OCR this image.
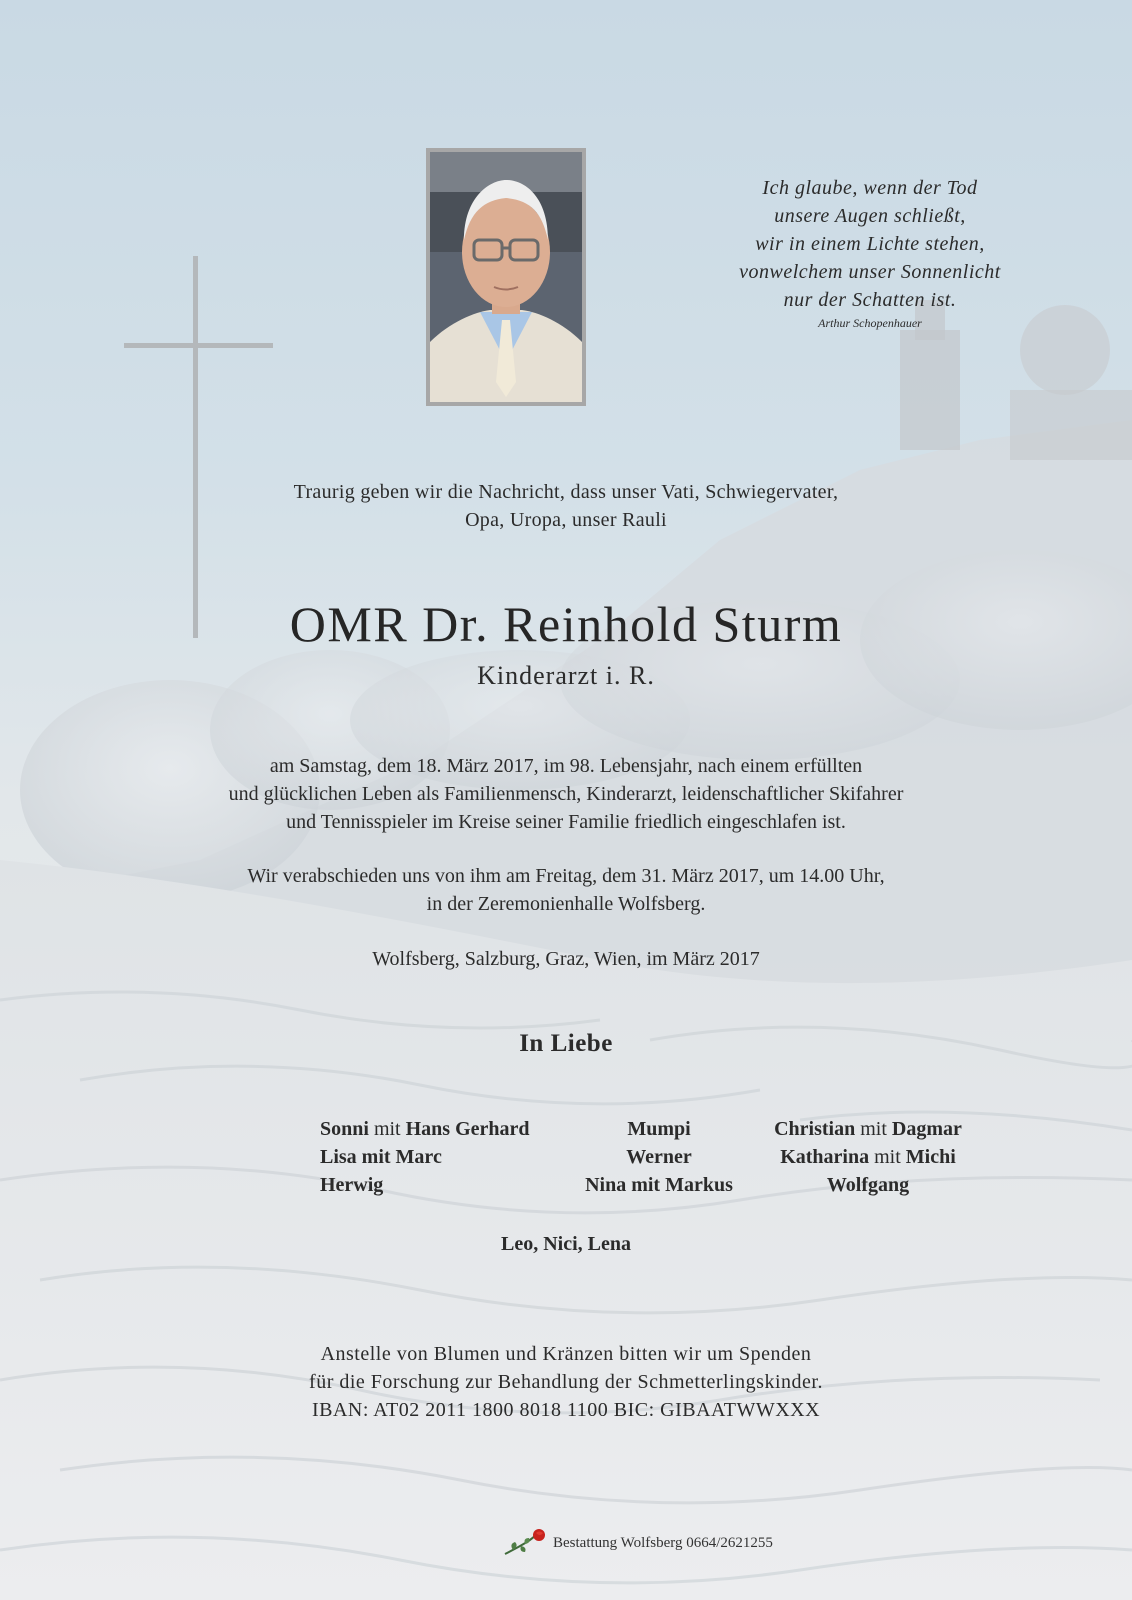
Ich glaube, wenn der Tod
unsere Augen schließt,
wir in einem Lichte stehen,
vonwelchem unser Sonnenlicht
nur der Schatten ist.
Arthur Schopenhauer
Traurig geben wir die Nachricht, dass unser Vati, Schwiegervater,
Opa, Uropa, unser Rauli
OMR Dr. Reinhold Sturm
Kinderarzt i. R.
am Samstag, dem 18. März 2017, im 98. Lebensjahr, nach einem erfüllten
und glücklichen Leben als Familienmensch, Kinderarzt, leidenschaftlicher Skifahrer
und Tennisspieler im Kreise seiner Familie friedlich eingeschlafen ist.
Wir verabschieden uns von ihm am Freitag, dem 31. März 2017, um 14.00 Uhr,
in der Zeremonienhalle Wolfsberg.
Wolfsberg, Salzburg, Graz, Wien, im März 2017
In Liebe
Sonni mit Hans Gerhard
Lisa mit Marc
Herwig
Mumpi
Werner
Nina mit Markus
Christian mit Dagmar
Katharina mit Michi
Wolfgang
Leo, Nici, Lena
Anstelle von Blumen und Kränzen bitten wir um Spenden
für die Forschung zur Behandlung der Schmetterlingskinder.
IBAN: AT02 2011 1800 8018 1100 BIC: GIBAATWWXXX
Bestattung Wolfsberg 0664/2621255
